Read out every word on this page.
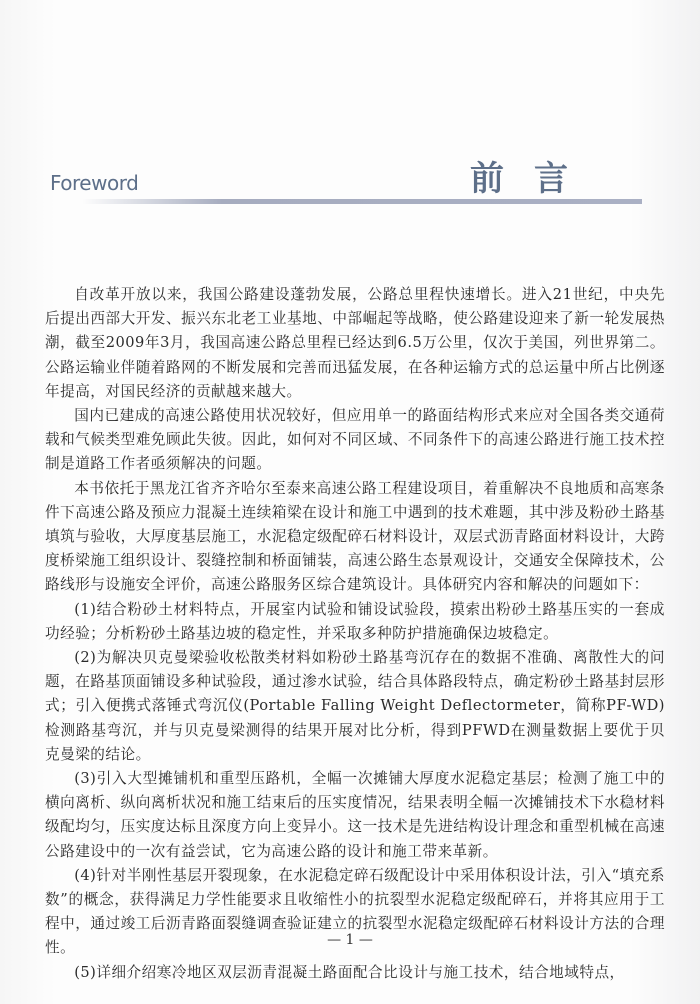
Foreword	前言

自改革开放以来，我国公路建设蓬勃发展，公路总里程快速增长。进入21世纪，中央先后提出西部大开发、振兴东北老工业基地、中部崛起等战略，使公路建设迎来了新一轮发展热潮，截至2009年3月，我国高速公路总里程已经达到6.5万公里，仅次于美国，列世界第二。公路运输业伴随着路网的不断发展和完善而迅猛发展，在各种运输方式的总运量中所占比例逐年提高，对国民经济的贡献越来越大。

国内已建成的高速公路使用状况较好，但应用单一的路面结构形式来应对全国各类交通荷载和气候类型难免顾此失彼。因此，如何对不同区域、不同条件下的高速公路进行施工技术控制是道路工作者亟须解决的问题。

本书依托于黑龙江省齐齐哈尔至泰来高速公路工程建设项目，着重解决不良地质和高寒条件下高速公路及预应力混凝土连续箱梁在设计和施工中遇到的技术难题，其中涉及粉砂土路基填筑与验收，大厚度基层施工，水泥稳定级配碎石材料设计，双层式沥青路面材料设计，大跨度桥梁施工组织设计、裂缝控制和桥面铺装，高速公路生态景观设计，交通安全保障技术，公路线形与设施安全评价，高速公路服务区综合建筑设计。具体研究内容和解决的问题如下：

(1)结合粉砂土材料特点，开展室内试验和铺设试验段，摸索出粉砂土路基压实的一套成功经验；分析粉砂土路基边坡的稳定性，并采取多种防护措施确保边坡稳定。

(2)为解决贝克曼梁验收松散类材料如粉砂土路基弯沉存在的数据不准确、离散性大的问题，在路基顶面铺设多种试验段，通过渗水试验，结合具体路段特点，确定粉砂土路基封层形式；引入便携式落锤式弯沉仪(Portable Falling Weight Deflectormeter，简称PF-WD)检测路基弯沉，并与贝克曼梁测得的结果开展对比分析，得到PFWD在测量数据上要优于贝克曼梁的结论。

(3)引入大型摊铺机和重型压路机，全幅一次摊铺大厚度水泥稳定基层；检测了施工中的横向离析、纵向离析状况和施工结束后的压实度情况，结果表明全幅一次摊铺技术下水稳材料级配均匀，压实度达标且深度方向上变异小。这一技术是先进结构设计理念和重型机械在高速公路建设中的一次有益尝试，它为高速公路的设计和施工带来革新。

(4)针对半刚性基层开裂现象，在水泥稳定碎石级配设计中采用体积设计法，引入“填充系数”的概念，获得满足力学性能要求且收缩性小的抗裂型水泥稳定级配碎石，并将其应用于工程中，通过竣工后沥青路面裂缝调查验证建立的抗裂型水泥稳定级配碎石材料设计方法的合理性。

(5)详细介绍寒冷地区双层沥青混凝土路面配合比设计与施工技术，结合地域特点，

— 1 —
